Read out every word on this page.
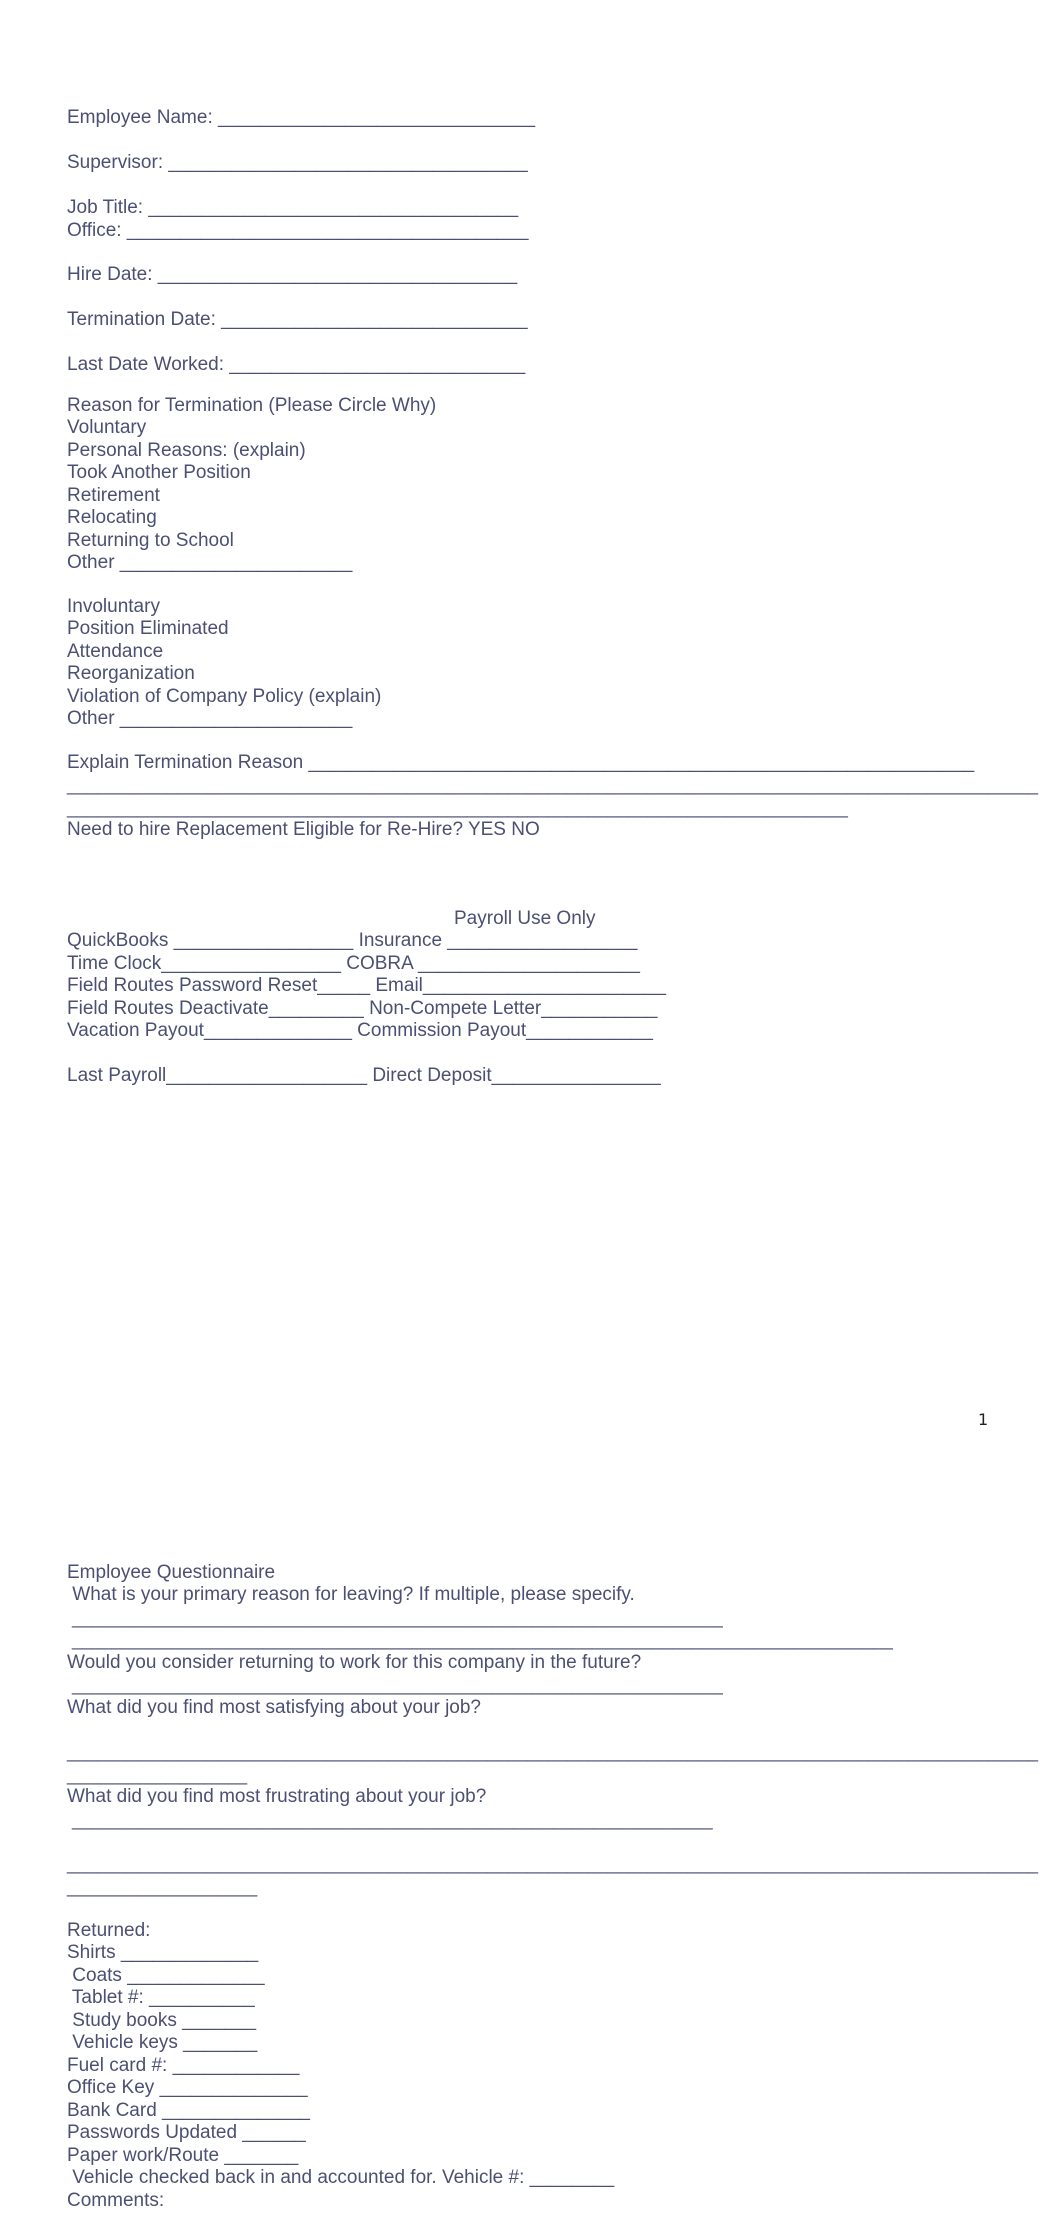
Employee Name: ______________________________
Supervisor: __________________________________
Job Title: ___________________________________
Office: ______________________________________
Hire Date: __________________________________
Termination Date: _____________________________
Last Date Worked: ____________________________
Reason for Termination (Please Circle Why)
Voluntary
Personal Reasons: (explain)
Took Another Position
Retirement
Relocating
Returning to School
Other ______________________
Involuntary
Position Eliminated
Attendance
Reorganization
Violation of Company Policy (explain)
Other ______________________
Explain Termination Reason _______________________________________________________________
_________________________________________________________________________________________________
______________________________________________________________________________
Need to hire Replacement Eligible for Re-Hire? YES NO
Payroll Use Only
QuickBooks _________________ Insurance __________________
Time Clock_________________ COBRA _____________________
Field Routes Password Reset_____ Email_______________________
Field Routes Deactivate_________ Non-Compete Letter___________
Vacation Payout______________ Commission Payout____________
Last Payroll___________________ Direct Deposit________________
1
Employee Questionnaire
What is your primary reason for leaving? If multiple, please specify.
_________________________________________________________________
__________________________________________________________________________________
Would you consider returning to work for this company in the future?
_________________________________________________________________
What did you find most satisfying about your job?
_________________________________________________________________________________________________
__________________
What did you find most frustrating about your job?
________________________________________________________________
_________________________________________________________________________________________________
___________________
Returned:
Shirts _____________
Coats _____________
Tablet #: __________
Study books _______
Vehicle keys _______
Fuel card #: ____________
Office Key ______________
Bank Card ______________
Passwords Updated ______
Paper work/Route _______
Vehicle checked back in and accounted for. Vehicle #: ________
Comments:
